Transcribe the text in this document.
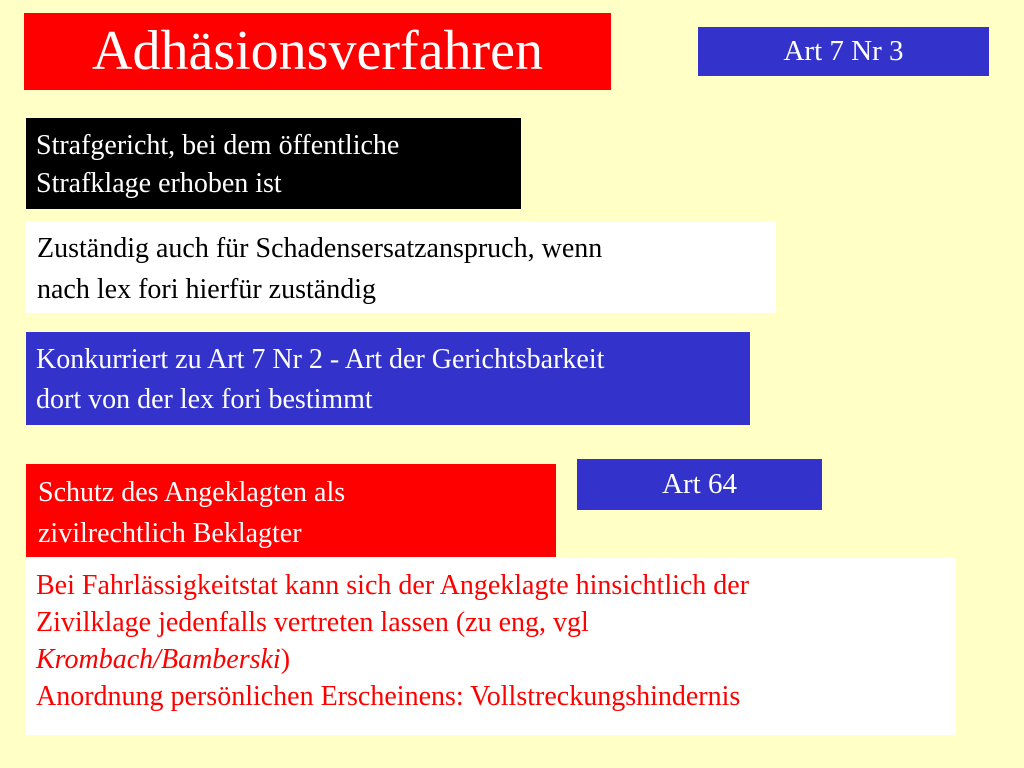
Adhäsionsverfahren	Art 7 Nr 3
Strafgericht, bei dem öffentliche
Strafklage erhoben ist
Zuständig auch für Schadensersatzanspruch, wenn
nach lex fori hierfür zuständig
Konkurriert zu Art 7 Nr 2 - Art der Gerichtsbarkeit
dort von der lex fori bestimmt
Schutz des Angeklagten als
zivilrechtlich Beklagter
Art 64
Bei Fahrlässigkeitstat kann sich der Angeklagte hinsichtlich der
Zivilklage jedenfalls vertreten lassen (zu eng, vgl
Krombach/Bamberski)
Anordnung persönlichen Erscheinens: Vollstreckungshindernis
